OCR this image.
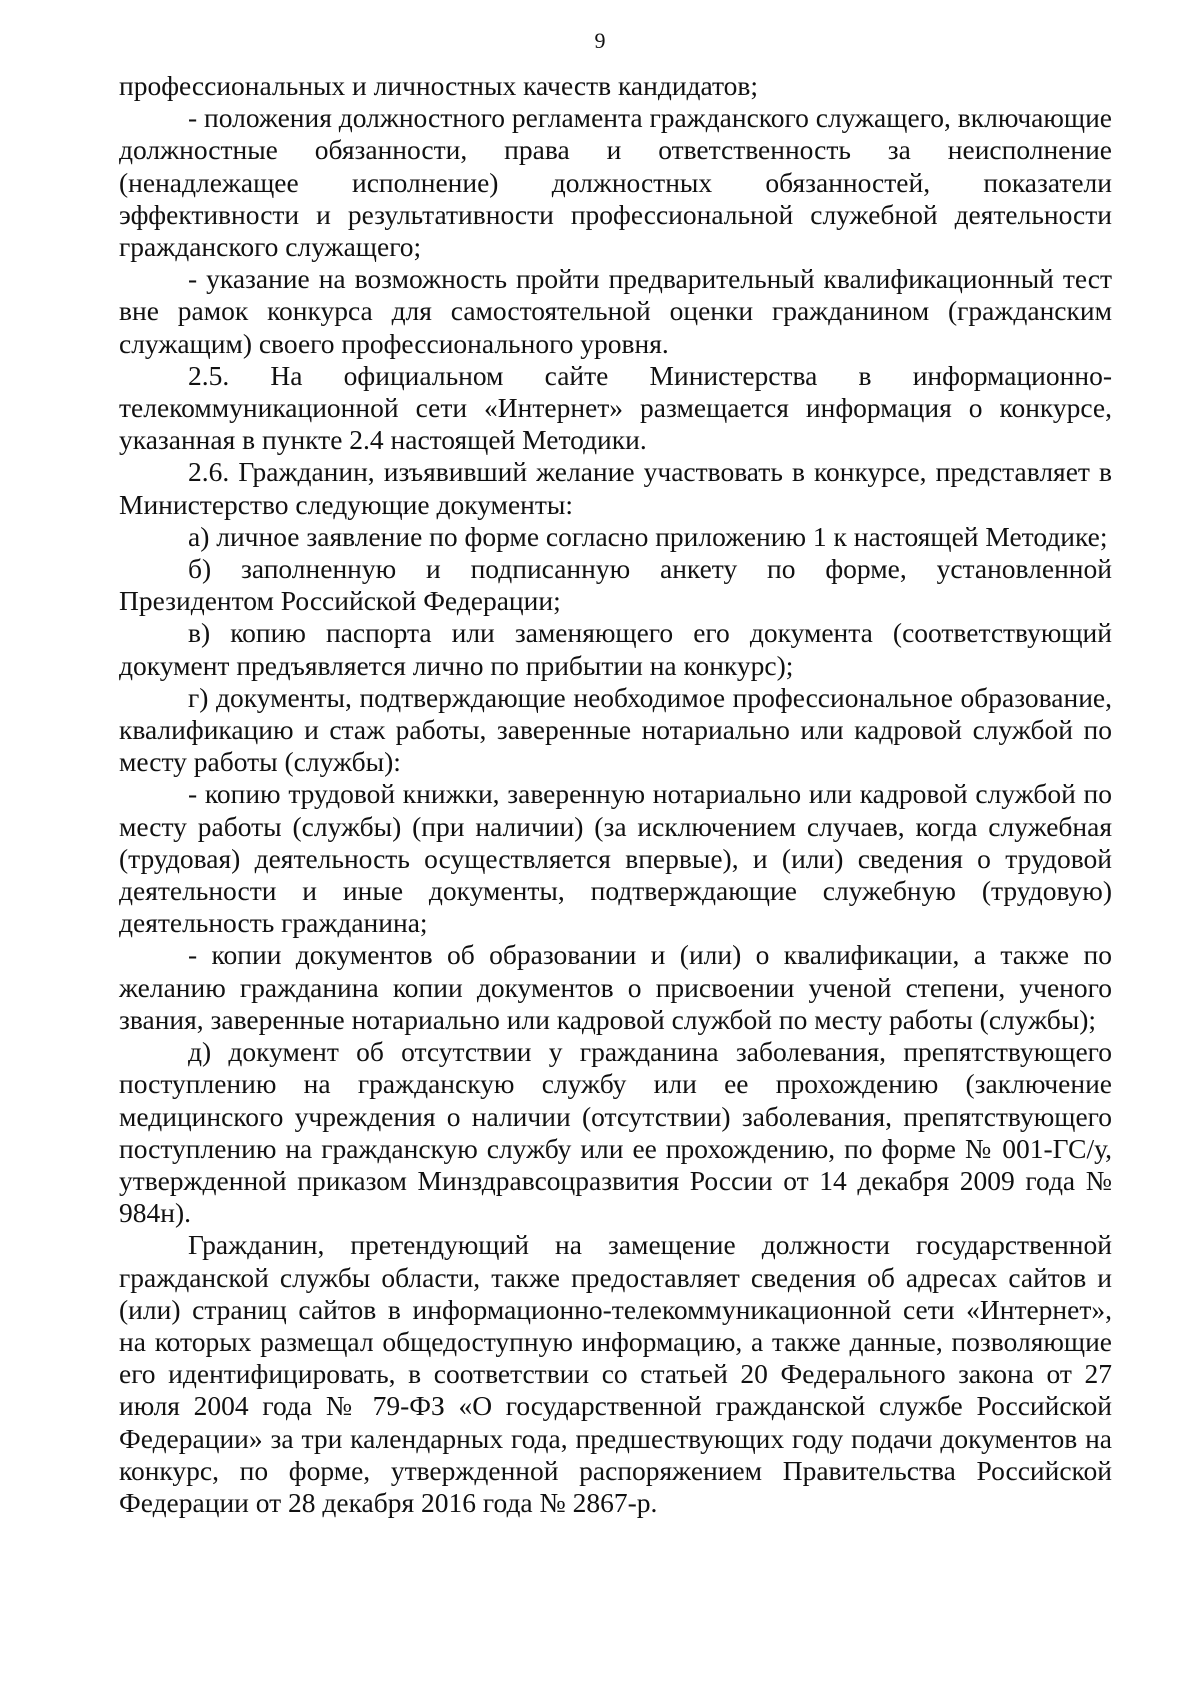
9

профессиональных и личностных качеств кандидатов;

- положения должностного регламента гражданского служащего, включающие должностные обязанности, права и ответственность за неисполнение (ненадлежащее исполнение) должностных обязанностей, показатели эффективности и результативности профессиональной служебной деятельности гражданского служащего;

- указание на возможность пройти предварительный квалификационный тест вне рамок конкурса для самостоятельной оценки гражданином (гражданским служащим) своего профессионального уровня.

2.5. На официальном сайте Министерства в информационно-телекоммуникационной сети «Интернет» размещается информация о конкурсе, указанная в пункте 2.4 настоящей Методики.

2.6. Гражданин, изъявивший желание участвовать в конкурсе, представляет в Министерство следующие документы:

а) личное заявление по форме согласно приложению 1 к настоящей Методике;

б) заполненную и подписанную анкету по форме, установленной Президентом Российской Федерации;

в) копию паспорта или заменяющего его документа (соответствующий документ предъявляется лично по прибытии на конкурс);

г) документы, подтверждающие необходимое профессиональное образование, квалификацию и стаж работы, заверенные нотариально или кадровой службой по месту работы (службы):

- копию трудовой книжки, заверенную нотариально или кадровой службой по месту работы (службы) (при наличии) (за исключением случаев, когда служебная (трудовая) деятельность осуществляется впервые), и (или) сведения о трудовой деятельности и иные документы, подтверждающие служебную (трудовую) деятельность гражданина;

- копии документов об образовании и (или) о квалификации, а также по желанию гражданина копии документов о присвоении ученой степени, ученого звания, заверенные нотариально или кадровой службой по месту работы (службы);

д) документ об отсутствии у гражданина заболевания, препятствующего поступлению на гражданскую службу или ее прохождению (заключение медицинского учреждения о наличии (отсутствии) заболевания, препятствующего поступлению на гражданскую службу или ее прохождению, по форме № 001-ГС/у, утвержденной приказом Минздравсоцразвития России от 14 декабря 2009 года № 984н).

Гражданин, претендующий на замещение должности государственной гражданской службы области, также предоставляет сведения об адресах сайтов и (или) страниц сайтов в информационно-телекоммуникационной сети «Интернет», на которых размещал общедоступную информацию, а также данные, позволяющие его идентифицировать, в соответствии со статьей 20 Федерального закона от 27 июля 2004 года № 79-ФЗ «О государственной гражданской службе Российской Федерации» за три календарных года, предшествующих году подачи документов на конкурс, по форме, утвержденной распоряжением Правительства Российской Федерации от 28 декабря 2016 года № 2867-р.
